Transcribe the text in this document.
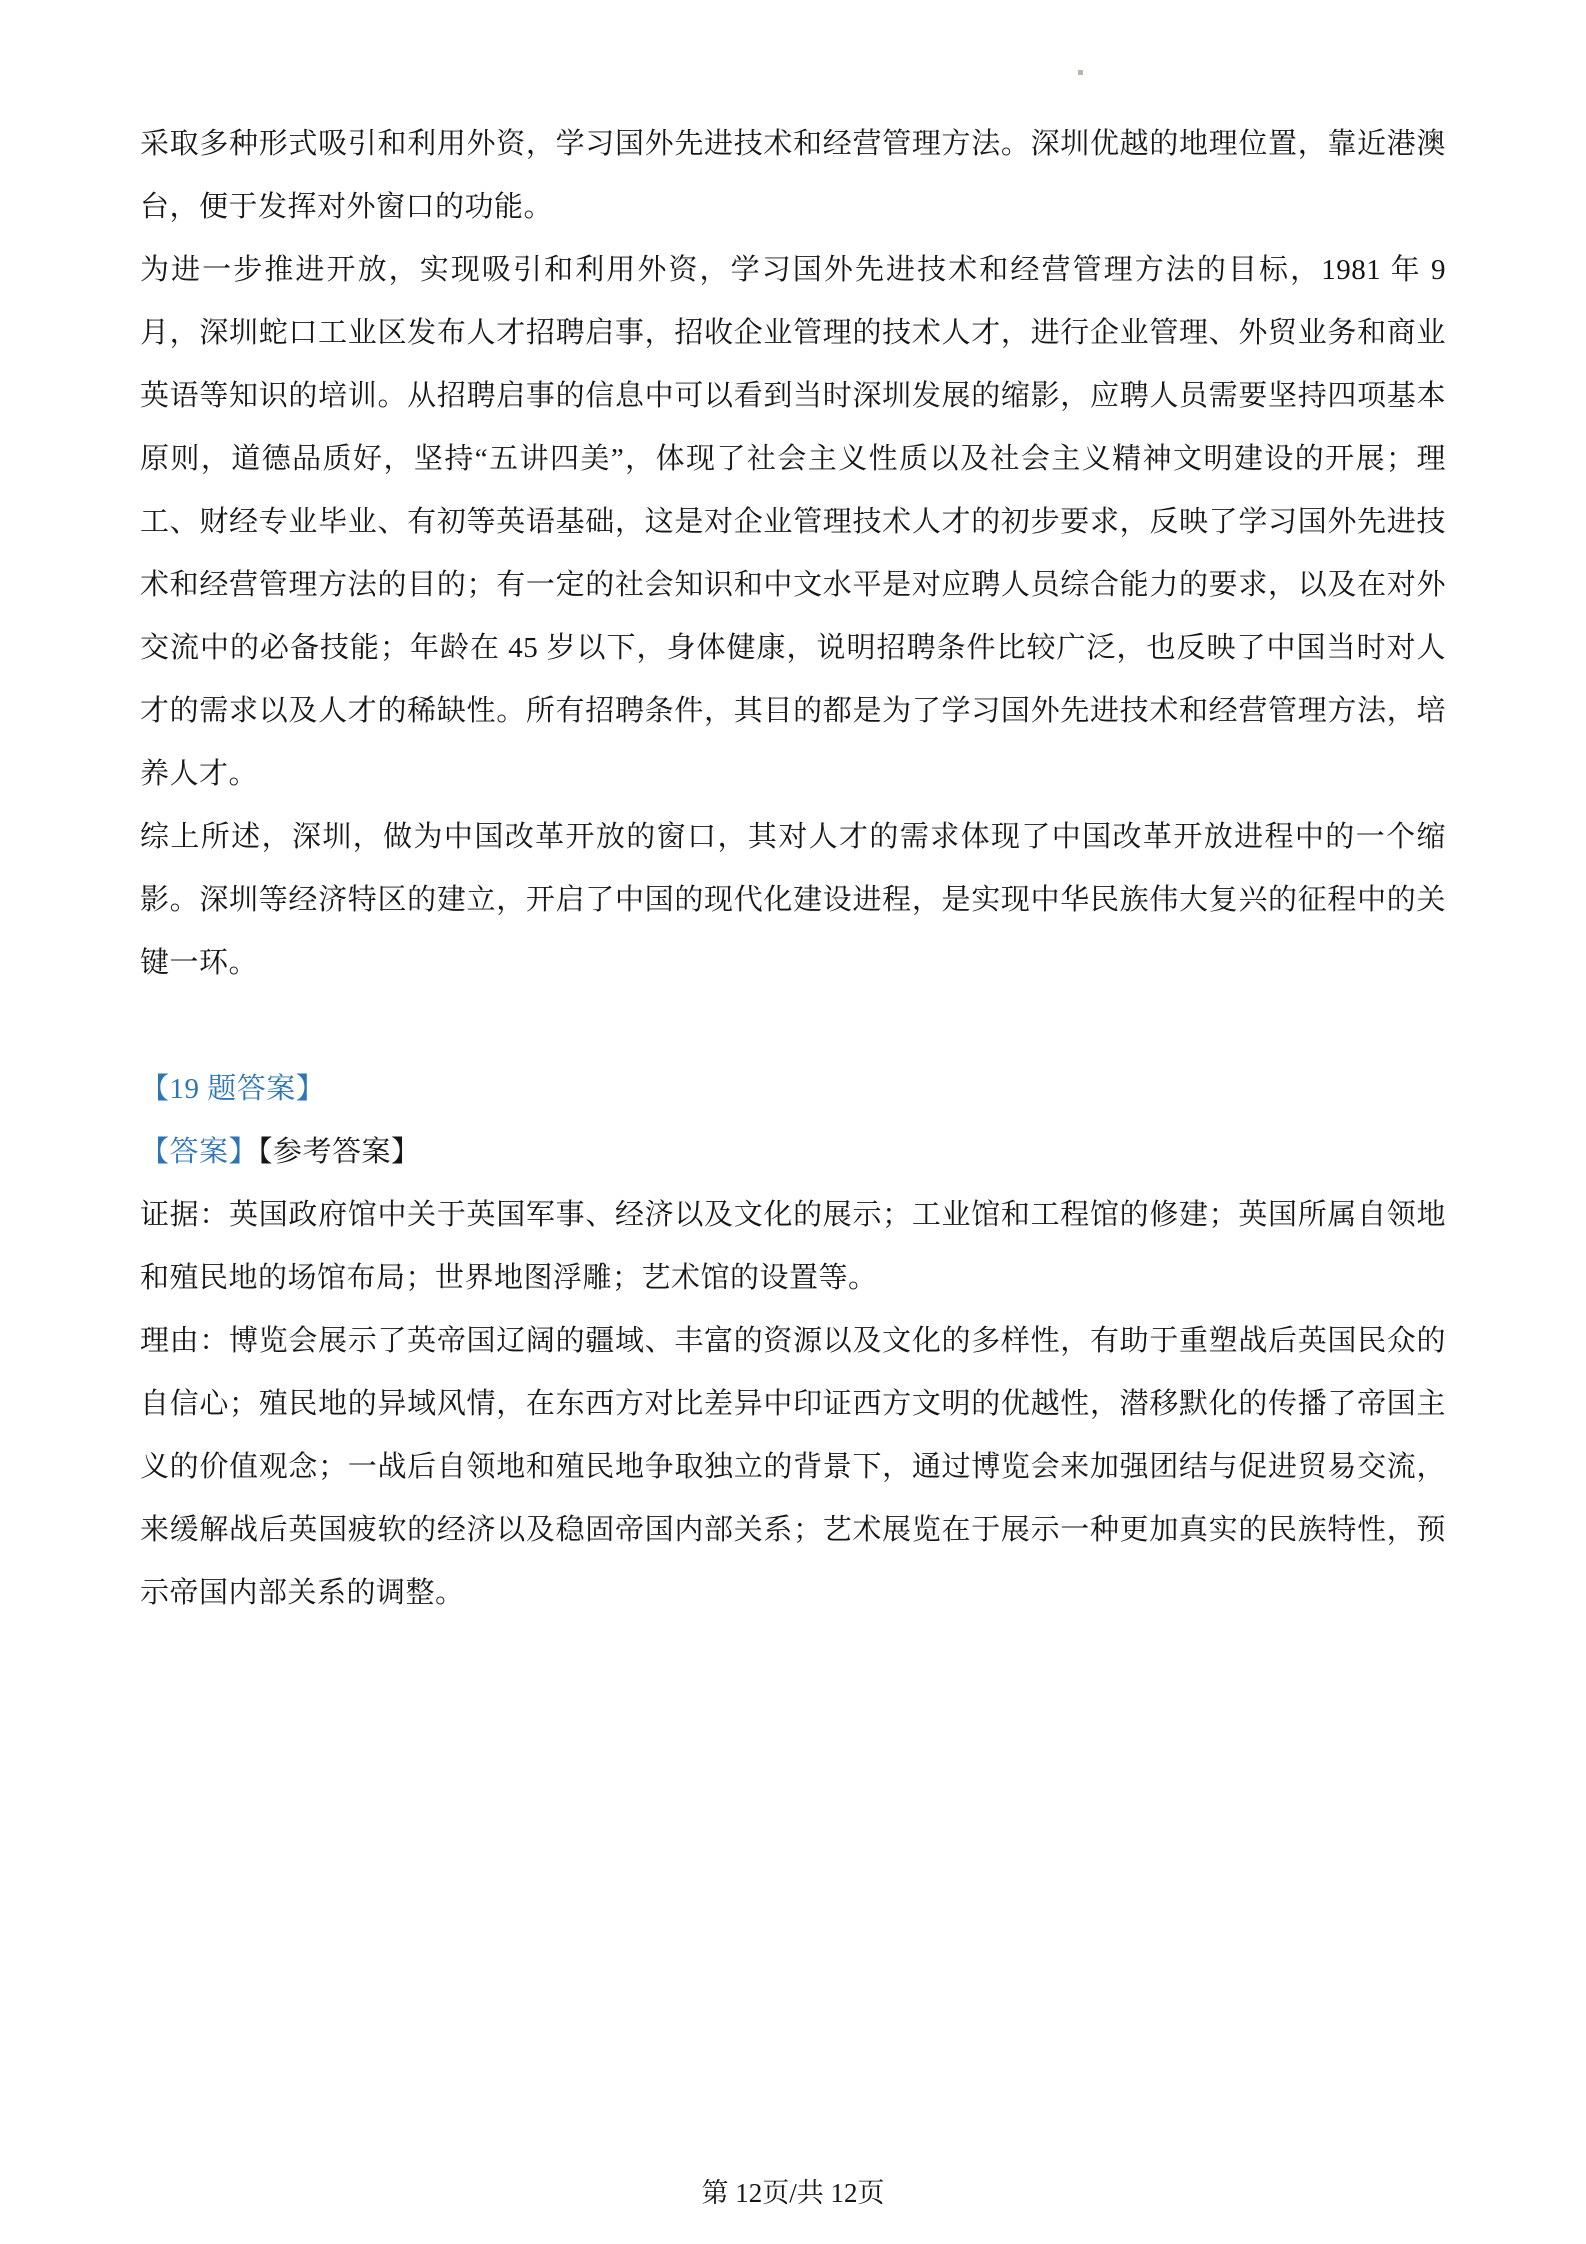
采取多种形式吸引和利用外资，学习国外先进技术和经营管理方法。深圳优越的地理位置，靠近港澳台，便于发挥对外窗口的功能。

为进一步推进开放，实现吸引和利用外资，学习国外先进技术和经营管理方法的目标，1981 年 9 月，深圳蛇口工业区发布人才招聘启事，招收企业管理的技术人才，进行企业管理、外贸业务和商业英语等知识的培训。从招聘启事的信息中可以看到当时深圳发展的缩影，应聘人员需要坚持四项基本原则，道德品质好，坚持“五讲四美”，体现了社会主义性质以及社会主义精神文明建设的开展；理工、财经专业毕业、有初等英语基础，这是对企业管理技术人才的初步要求，反映了学习国外先进技术和经营管理方法的目的；有一定的社会知识和中文水平是对应聘人员综合能力的要求，以及在对外交流中的必备技能；年龄在 45 岁以下，身体健康，说明招聘条件比较广泛，也反映了中国当时对人才的需求以及人才的稀缺性。所有招聘条件，其目的都是为了学习国外先进技术和经营管理方法，培养人才。

综上所述，深圳，做为中国改革开放的窗口，其对人才的需求体现了中国改革开放进程中的一个缩影。深圳等经济特区的建立，开启了中国的现代化建设进程，是实现中华民族伟大复兴的征程中的关键一环。

【19 题答案】

【答案】【参考答案】

证据：英国政府馆中关于英国军事、经济以及文化的展示；工业馆和工程馆的修建；英国所属自领地和殖民地的场馆布局；世界地图浮雕；艺术馆的设置等。

理由：博览会展示了英帝国辽阔的疆域、丰富的资源以及文化的多样性，有助于重塑战后英国民众的自信心；殖民地的异域风情，在东西方对比差异中印证西方文明的优越性，潜移默化的传播了帝国主义的价值观念；一战后自领地和殖民地争取独立的背景下，通过博览会来加强团结与促进贸易交流，来缓解战后英国疲软的经济以及稳固帝国内部关系；艺术展览在于展示一种更加真实的民族特性，预示帝国内部关系的调整。

第 12页/共 12页
